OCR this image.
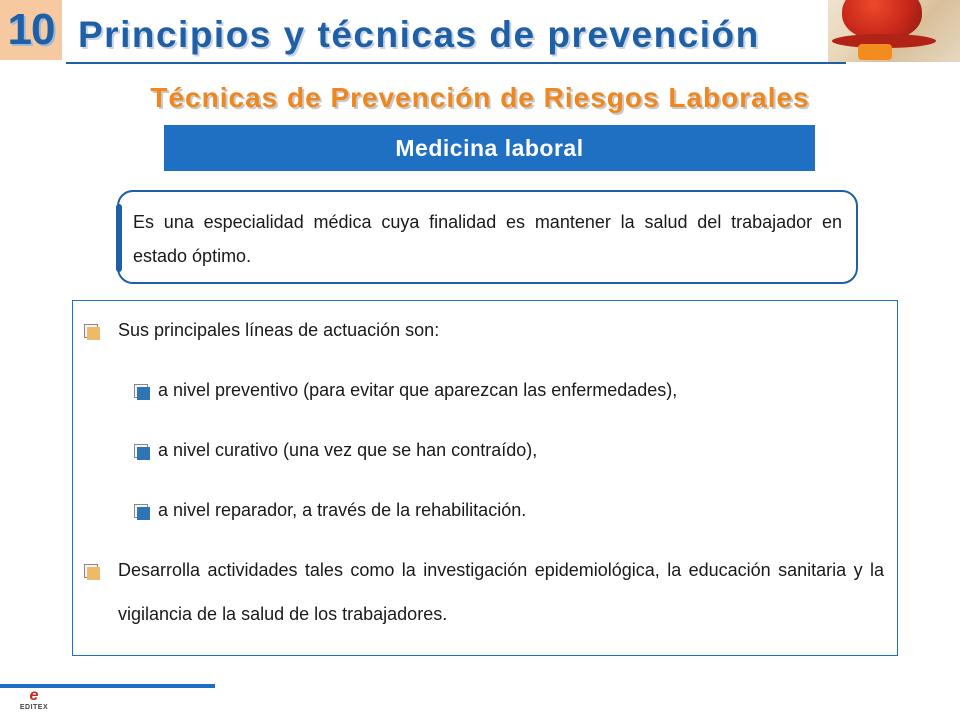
10 Principios y técnicas de prevención
Técnicas de Prevención de Riesgos Laborales
Medicina laboral
Es una especialidad médica cuya finalidad es mantener la salud del trabajador en estado óptimo.
Sus principales líneas de actuación son:
a nivel preventivo (para evitar que aparezcan las enfermedades),
a nivel curativo (una vez que se han contraído),
a nivel reparador, a través de la rehabilitación.
Desarrolla actividades tales como la investigación epidemiológica, la educación sanitaria y la vigilancia de la salud de los trabajadores.
e
EDITEX
